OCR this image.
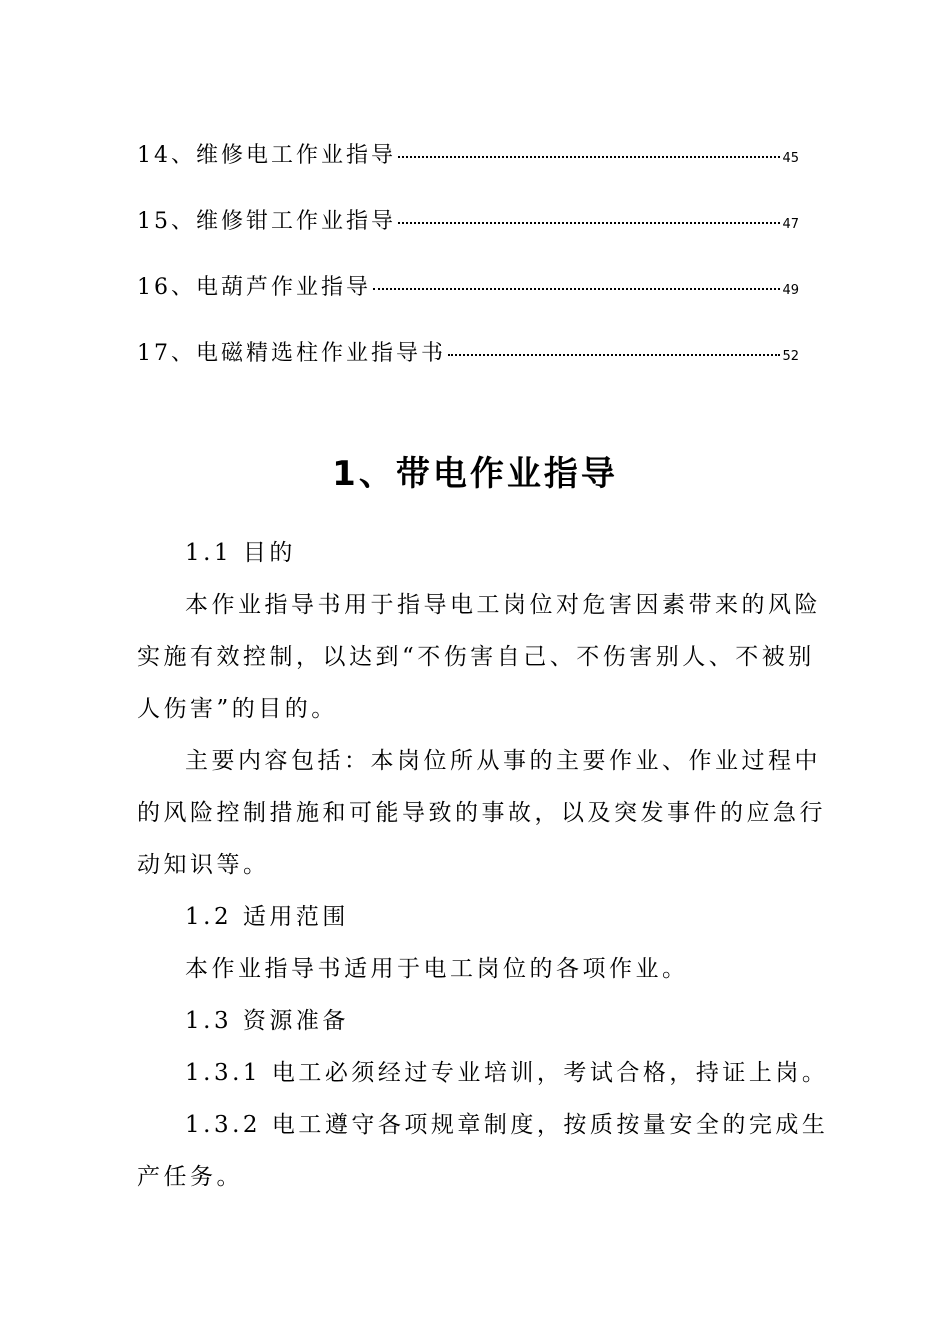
14、维修电工作业指导	45
15、维修钳工作业指导	47
16、电葫芦作业指导	49
17、电磁精选柱作业指导书	52
1、带电作业指导

1.1 目的

本作业指导书用于指导电工岗位对危害因素带来的风险实施有效控制，以达到“不伤害自己、不伤害别人、不被别人伤害”的目的。

主要内容包括：本岗位所从事的主要作业、作业过程中的风险控制措施和可能导致的事故，以及突发事件的应急行动知识等。

1.2 适用范围

本作业指导书适用于电工岗位的各项作业。

1.3 资源准备

1.3.1 电工必须经过专业培训，考试合格，持证上岗。

1.3.2 电工遵守各项规章制度，按质按量安全的完成生产任务。
